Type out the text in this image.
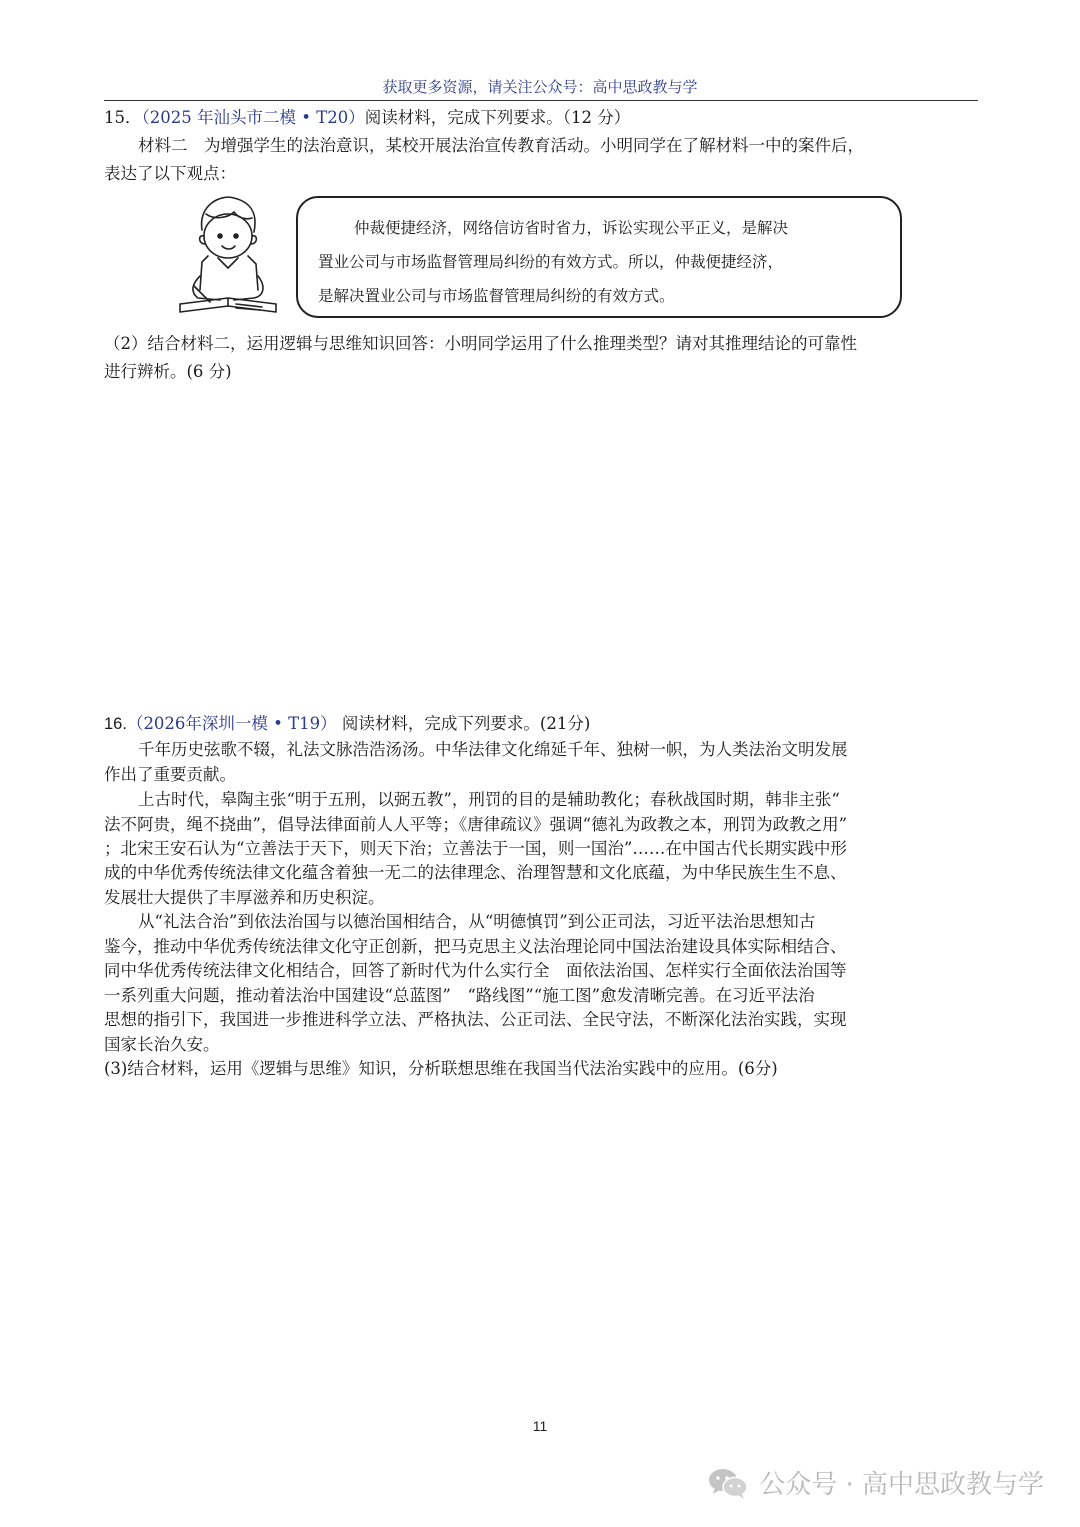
获取更多资源，请关注公众号：高中思政教与学
15．（2025 年汕头市二模 • T20）阅读材料，完成下列要求。（12 分）
材料二　为增强学生的法治意识，某校开展法治宣传教育活动。小明同学在了解材料一中的案件后，
表达了以下观点：
仲裁便捷经济，网络信访省时省力，诉讼实现公平正义，是解决
置业公司与市场监督管理局纠纷的有效方式。所以，仲裁便捷经济，
是解决置业公司与市场监督管理局纠纷的有效方式。
（2）结合材料二，运用逻辑与思维知识回答：小明同学运用了什么推理类型？请对其推理结论的可靠性
进行辨析。(6 分)
16.（2026年深圳一模 • T19） 阅读材料，完成下列要求。(21分)
千年历史弦歌不辍，礼法文脉浩浩汤汤。中华法律文化绵延千年、独树一帜，为人类法治文明发展
作出了重要贡献。
上古时代，皋陶主张“明于五刑，以弼五教”，刑罚的目的是辅助教化；春秋战国时期，韩非主张“
法不阿贵，绳不挠曲”，倡导法律面前人人平等；《唐律疏议》强调“德礼为政教之本，刑罚为政教之用”
；北宋王安石认为“立善法于天下，则天下治；立善法于一国，则一国治”……在中国古代长期实践中形
成的中华优秀传统法律文化蕴含着独一无二的法律理念、治理智慧和文化底蕴，为中华民族生生不息、
发展壮大提供了丰厚滋养和历史积淀。
从“礼法合治”到依法治国与以德治国相结合，从“明德慎罚”到公正司法，习近平法治思想知古
鉴今，推动中华优秀传统法律文化守正创新，把马克思主义法治理论同中国法治建设具体实际相结合、
同中华优秀传统法律文化相结合，回答了新时代为什么实行全　面依法治国、怎样实行全面依法治国等
一系列重大问题，推动着法治中国建设“总蓝图”　“路线图”“施工图”愈发清晰完善。在习近平法治
思想的指引下，我国进一步推进科学立法、严格执法、公正司法、全民守法，不断深化法治实践，实现
国家长治久安。
(3)结合材料，运用《逻辑与思维》知识，分析联想思维在我国当代法治实践中的应用。(6分)
11
公众号 · 高中思政教与学
